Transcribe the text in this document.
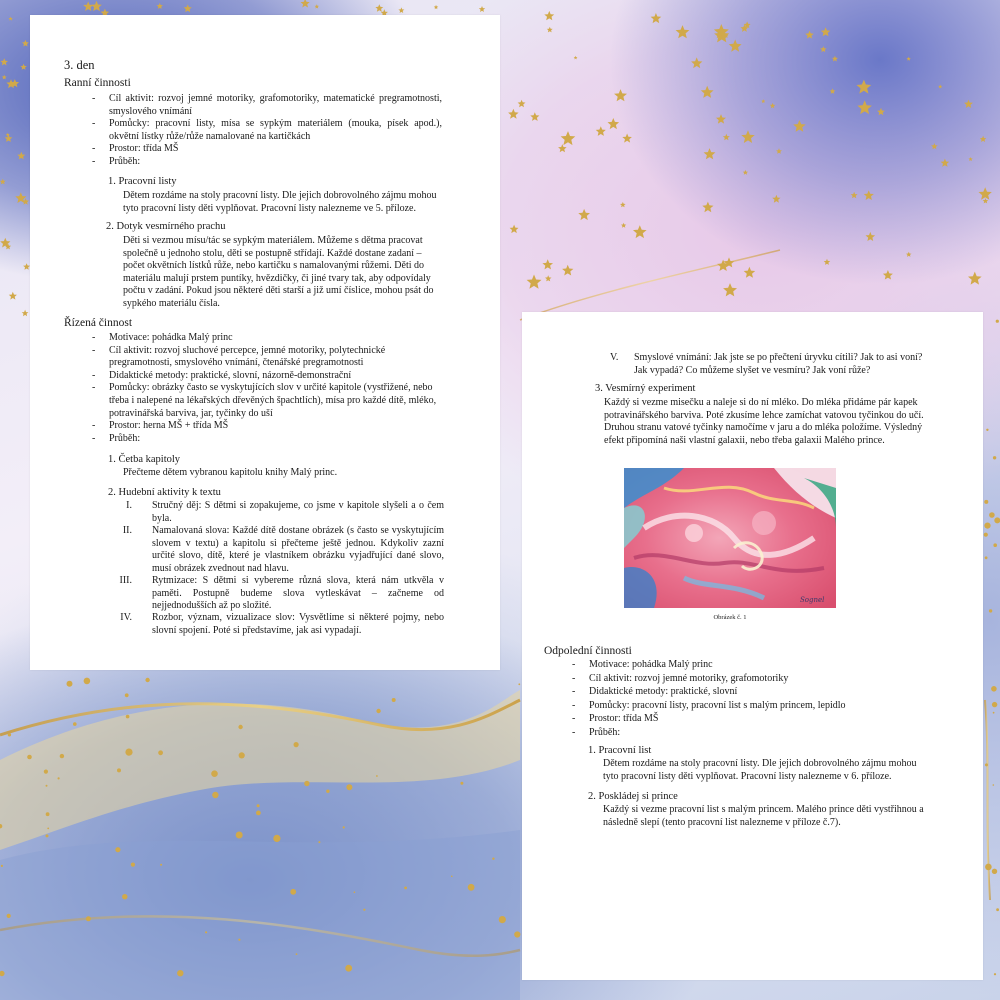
3. den
Ranní činnosti
- Cíl aktivit: rozvoj jemné motoriky, grafomotoriky, matematické pregramotnosti, smyslového vnímání
- Pomůcky: pracovní listy, mísa se sypkým materiálem (mouka, písek apod.), okvětní lístky růže/růže namalované na kartičkách
- Prostor: třída MŠ
- Průběh:
1. Pracovní listy
Dětem rozdáme na stoly pracovní listy. Dle jejich dobrovolného zájmu mohou tyto pracovní listy děti vyplňovat. Pracovní listy nalezneme ve 5. příloze.
2. Dotyk vesmírného prachu
Děti si vezmou mísu/tác se sypkým materiálem. Můžeme s dětma pracovat společně u jednoho stolu, děti se postupně střídají. Každé dostane zadaní – počet okvětních lístků růže, nebo kartičku s namalovanými růžemi. Děti do materiálu malují prstem puntíky, hvězdičky, či jiné tvary tak, aby odpovídaly počtu v zadání. Pokud jsou některé děti starší a již umí číslice, mohou psát do sypkého materiálu čísla.
Řízená činnost
- Motivace: pohádka Malý princ
- Cíl aktivit: rozvoj sluchové percepce, jemné motoriky, polytechnické pregramotnosti, smyslového vnímání, čtenářské pregramotnosti
- Didaktické metody: praktické, slovní, názorně-demonstrační
- Pomůcky: obrázky často se vyskytujících slov v určité kapitole (vystřižené, nebo třeba i nalepené na lékařských dřevěných špachtlích), mísa pro každé dítě, mléko, potravinářská barviva, jar, tyčinky do uší
- Prostor: herna MŠ + třída MŠ
- Průběh:
1. Četba kapitoly
Přečteme dětem vybranou kapitolu knihy Malý princ.
2. Hudební aktivity k textu
I. Stručný děj: S dětmi si zopakujeme, co jsme v kapitole slyšeli a o čem byla.
II. Namalovaná slova: Každé dítě dostane obrázek (s často se vyskytujícím slovem v textu) a kapitolu si přečteme ještě jednou. Kdykoliv zazní určité slovo, dítě, které je vlastníkem obrázku vyjadřující dané slovo, musí obrázek zvednout nad hlavu.
III. Rytmizace: S dětmi si vybereme různá slova, která nám utkvěla v paměti. Postupně budeme slova vytleskávat – začneme od nejjednodušších až po složité.
IV. Rozbor, význam, vizualizace slov: Vysvětlíme si některé pojmy, nebo slovní spojení. Poté si představíme, jak asi vypadají.
V. Smyslové vnímání: Jak jste se po přečtení úryvku cítili? Jak to asi voní?
Jak vypadá? Co můžeme slyšet ve vesmíru? Jak voní růže?
3. Vesmírný experiment
Každý si vezme misečku a naleje si do ní mléko. Do mléka přidáme pár kapek potravinářského barviva. Poté zkusíme lehce zamíchat vatovou tyčinkou do učí. Druhou stranu vatové tyčinky namočíme v jaru a do mléka položíme. Výsledný efekt připomíná naši vlastní galaxii, nebo třeba galaxii Malého prince.
Sognel
Obrázek č. 1
Odpolední činnosti
- Motivace: pohádka Malý princ
- Cíl aktivit: rozvoj jemné motoriky, grafomotoriky
- Didaktické metody: praktické, slovní
- Pomůcky: pracovní listy, pracovní list s malým princem, lepidlo
- Prostor: třída MŠ
- Průběh:
1. Pracovní list
Dětem rozdáme na stoly pracovní listy. Dle jejich dobrovolného zájmu mohou tyto pracovní listy děti vyplňovat. Pracovní listy nalezneme v 6. příloze.
2. Poskládej si prince
Každý si vezme pracovní list s malým princem. Malého prince děti vystřihnou a následně slepí (tento pracovní list nalezneme v příloze č.7).
